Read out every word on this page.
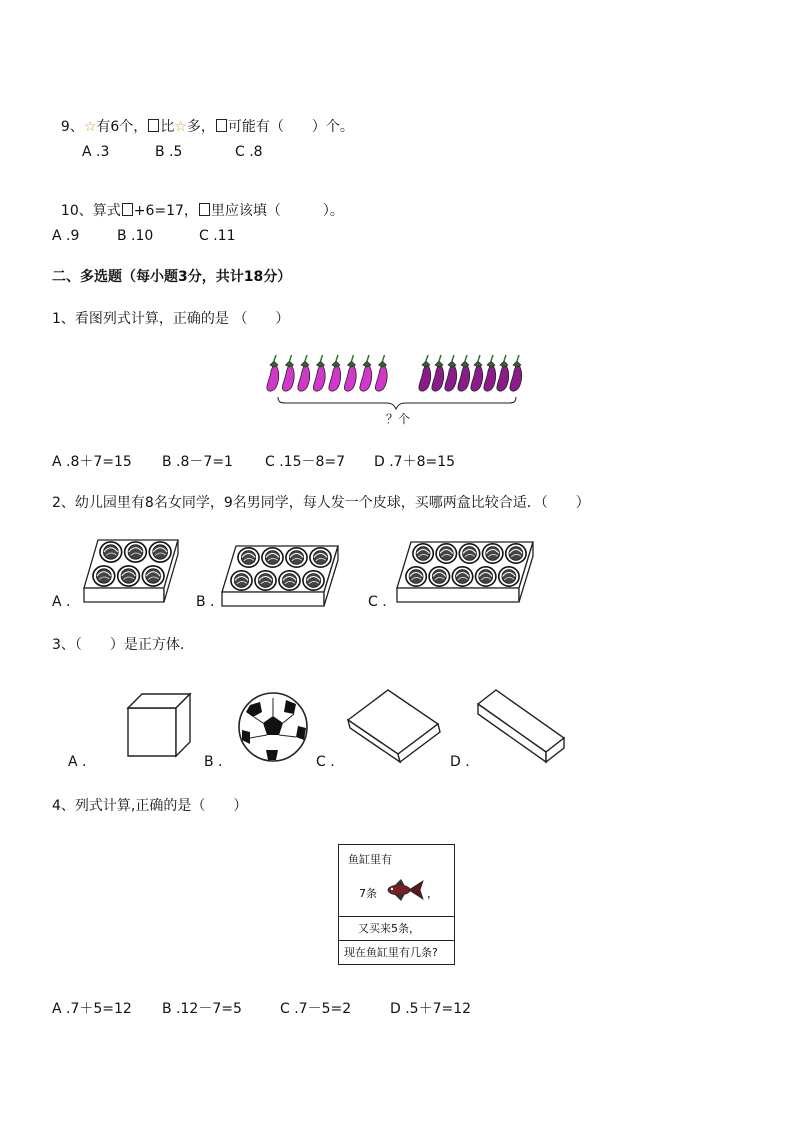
9、☆有6个， 比☆多， 可能有（　　）个。

A .3	B .5	C .8

10、算式 +6=17， 里应该填（　　　）。

A .9	B .10	C .11
二、多选题（每小题3分，共计18分）
1、看图列式计算，正确的是 （　　）
？个
A .8＋7=15 B .8－7=1 C .15－8=7 D .7＋8=15
2、幼儿园里有8名女同学，9名男同学，每人发一个皮球，买哪两盒比较合适．（　　）
A .	B .	C .
3、（　　）是正方体.
A .	B .	C .	D .
4、列式计算,正确的是（　　）
鱼缸里有
7条	，
又买来5条，
现在鱼缸里有几条?
A .7＋5=12 B .12－7=5	C .7－5=2	D .5＋7=12
